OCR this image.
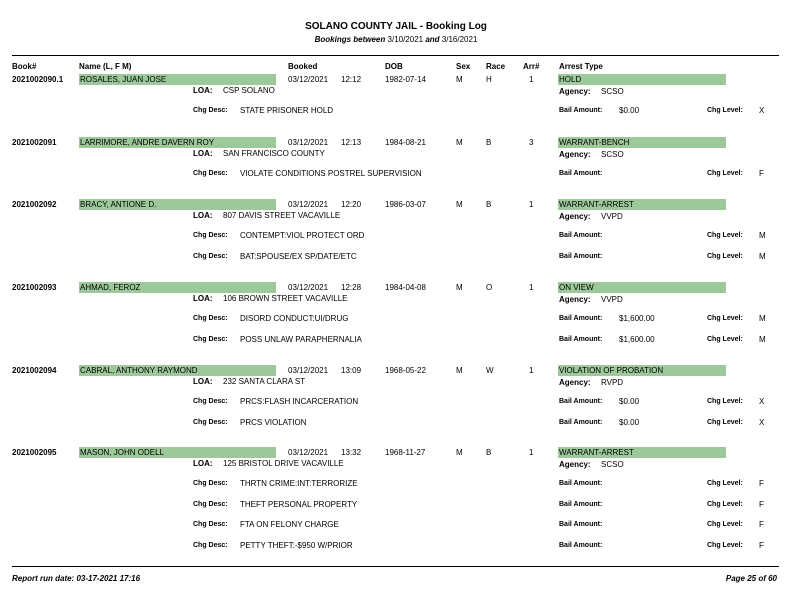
SOLANO COUNTY JAIL - Booking Log
Bookings between 3/10/2021 and 3/16/2021
Book#	Name (L, F M)	Booked	DOB	Sex Race Arr# Arrest Type
2021002090.1 ROSALES, JUAN JOSE	03/12/2021 12:12	1982-07-14	M	H	1	HOLD
LOA: CSP SOLANO	Agency: SCSO
Chg Desc: STATE PRISONER HOLD	Bail Amount: $0.00	Chg Level: X
2021002091	LARRIMORE, ANDRE DAVERN ROY	03/12/2021 12:13	1984-08-21	M	B	3	WARRANT-BENCH
LOA: SAN FRANCISCO COUNTY	Agency: SCSO
Chg Desc: VIOLATE CONDITIONS POSTREL SUPERVISION	Bail Amount:	Chg Level: F
2021002092	BRACY, ANTIONE D.	03/12/2021 12:20	1986-03-07	M	B	1	WARRANT-ARREST
LOA: 807 DAVIS STREET VACAVILLE	Agency: VVPD
Chg Desc: CONTEMPT:VIOL PROTECT ORD	Bail Amount:	Chg Level: M
Chg Desc: BAT:SPOUSE/EX SP/DATE/ETC	Bail Amount:	Chg Level: M
2021002093	AHMAD, FEROZ	03/12/2021 12:28	1984-04-08	M	O	1	ON VIEW
LOA: 106 BROWN STREET VACAVILLE	Agency: VVPD
Chg Desc: DISORD CONDUCT:UI/DRUG	Bail Amount: $1,600.00	Chg Level: M
Chg Desc: POSS UNLAW PARAPHERNALIA	Bail Amount: $1,600.00	Chg Level: M
2021002094	CABRAL, ANTHONY RAYMOND	03/12/2021 13:09	1968-05-22	M	W	1	VIOLATION OF PROBATION
LOA: 232 SANTA CLARA ST	Agency: RVPD
Chg Desc: PRCS:FLASH INCARCERATION	Bail Amount: $0.00	Chg Level: X
Chg Desc: PRCS VIOLATION	Bail Amount: $0.00	Chg Level: X
2021002095	MASON, JOHN ODELL	03/12/2021 13:32	1968-11-27	M	B	1	WARRANT-ARREST
LOA: 125 BRISTOL DRIVE VACAVILLE	Agency: SCSO
Chg Desc: THRTN CRIME:INT:TERRORIZE	Bail Amount:	Chg Level: F
Chg Desc: THEFT PERSONAL PROPERTY	Bail Amount:	Chg Level: F
Chg Desc: FTA ON FELONY CHARGE	Bail Amount:	Chg Level: F
Chg Desc: PETTY THEFT:-$950 W/PRIOR	Bail Amount:	Chg Level: F
Report run date: 03-17-2021 17:16	Page 25 of 60
